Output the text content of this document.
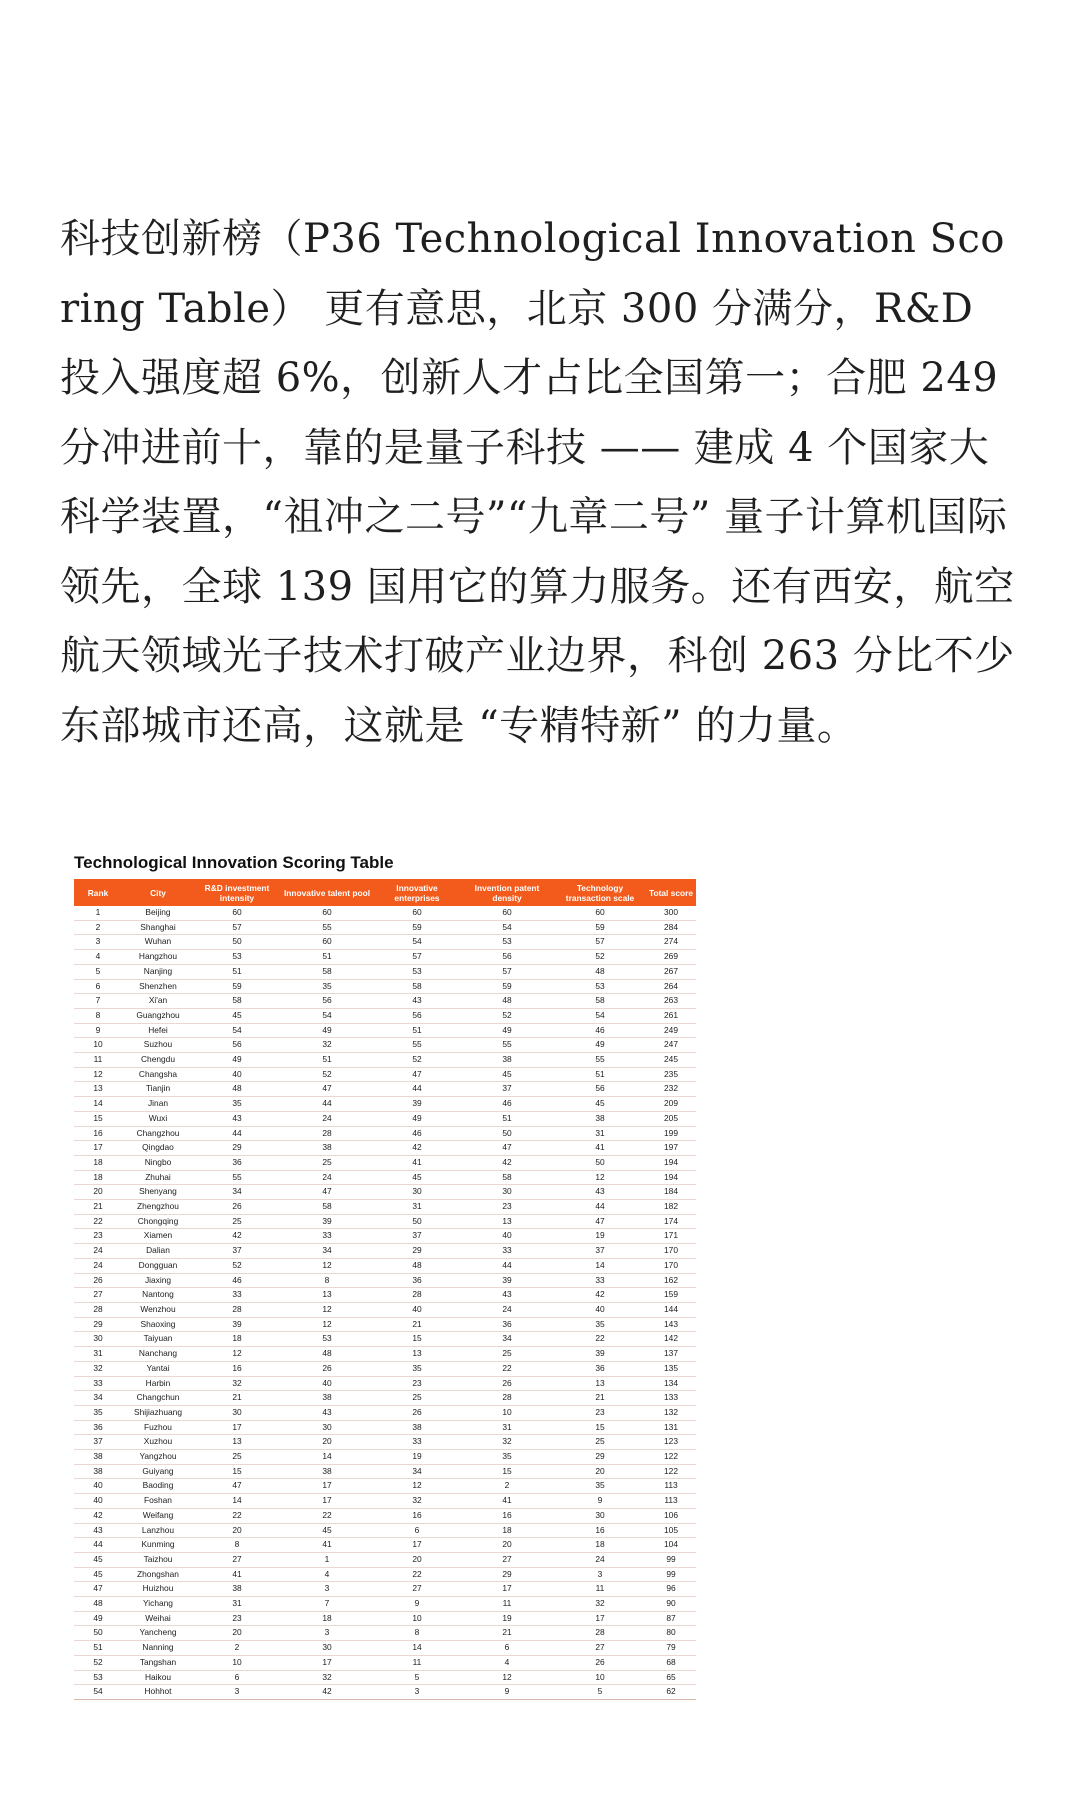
科技创新榜（P36 Technological Innovation Scoring Table） 更有意思，北京 300 分满分，R&D 投入强度超 6%，创新人才占比全国第一；合肥 249 分冲进前十，靠的是量子科技 —— 建成 4 个国家大科学装置，“祖冲之二号”“九章二号” 量子计算机国际领先，全球 139 国用它的算力服务。还有西安，航空航天领域光子技术打破产业边界，科创 263 分比不少东部城市还高，这就是 “专精特新” 的力量。

Technological Innovation Scoring Table
Rank	City	R&D investment intensity	Innovative talent pool	Innovative enterprises	Invention patent density	Technology transaction scale	Total score
1	Beijing	60	60	60	60	60	300
2	Shanghai	57	55	59	54	59	284
3	Wuhan	50	60	54	53	57	274
4	Hangzhou	53	51	57	56	52	269
5	Nanjing	51	58	53	57	48	267
6	Shenzhen	59	35	58	59	53	264
7	Xi'an	58	56	43	48	58	263
8	Guangzhou	45	54	56	52	54	261
9	Hefei	54	49	51	49	46	249
10	Suzhou	56	32	55	55	49	247
11	Chengdu	49	51	52	38	55	245
12	Changsha	40	52	47	45	51	235
13	Tianjin	48	47	44	37	56	232
14	Jinan	35	44	39	46	45	209
15	Wuxi	43	24	49	51	38	205
16	Changzhou	44	28	46	50	31	199
17	Qingdao	29	38	42	47	41	197
18	Ningbo	36	25	41	42	50	194
18	Zhuhai	55	24	45	58	12	194
20	Shenyang	34	47	30	30	43	184
21	Zhengzhou	26	58	31	23	44	182
22	Chongqing	25	39	50	13	47	174
23	Xiamen	42	33	37	40	19	171
24	Dalian	37	34	29	33	37	170
24	Dongguan	52	12	48	44	14	170
26	Jiaxing	46	8	36	39	33	162
27	Nantong	33	13	28	43	42	159
28	Wenzhou	28	12	40	24	40	144
29	Shaoxing	39	12	21	36	35	143
30	Taiyuan	18	53	15	34	22	142
31	Nanchang	12	48	13	25	39	137
32	Yantai	16	26	35	22	36	135
33	Harbin	32	40	23	26	13	134
34	Changchun	21	38	25	28	21	133
35	Shijiazhuang	30	43	26	10	23	132
36	Fuzhou	17	30	38	31	15	131
37	Xuzhou	13	20	33	32	25	123
38	Yangzhou	25	14	19	35	29	122
38	Guiyang	15	38	34	15	20	122
40	Baoding	47	17	12	2	35	113
40	Foshan	14	17	32	41	9	113
42	Weifang	22	22	16	16	30	106
43	Lanzhou	20	45	6	18	16	105
44	Kunming	8	41	17	20	18	104
45	Taizhou	27	1	20	27	24	99
45	Zhongshan	41	4	22	29	3	99
47	Huizhou	38	3	27	17	11	96
48	Yichang	31	7	9	11	32	90
49	Weihai	23	18	10	19	17	87
50	Yancheng	20	3	8	21	28	80
51	Nanning	2	30	14	6	27	79
52	Tangshan	10	17	11	4	26	68
53	Haikou	6	32	5	12	10	65
54	Hohhot	3	42	3	9	5	62
